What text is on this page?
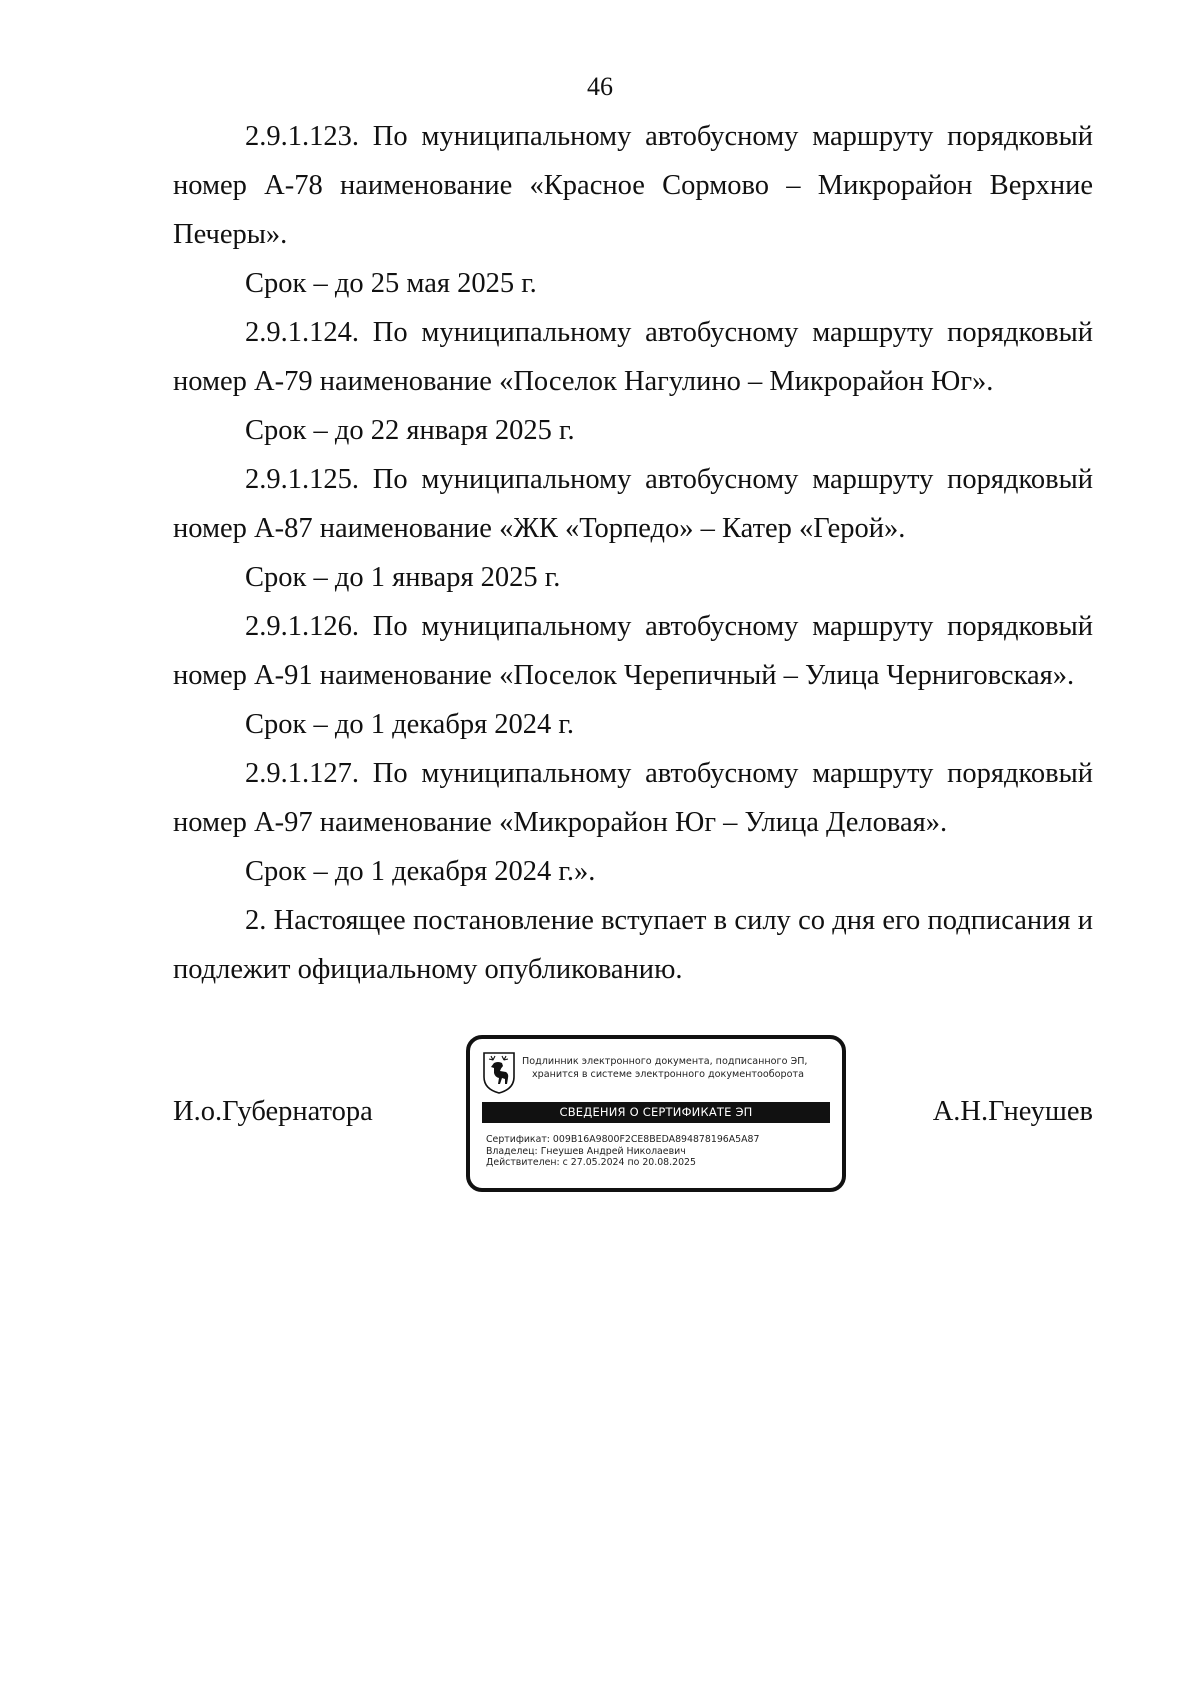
46

2.9.1.123. По муниципальному автобусному маршруту порядковый номер А-78 наименование «Красное Сормово – Микрорайон Верхние Печеры».

Срок – до 25 мая 2025 г.

2.9.1.124. По муниципальному автобусному маршруту порядковый номер А-79 наименование «Поселок Нагулино – Микрорайон Юг».

Срок – до 22 января 2025 г.

2.9.1.125. По муниципальному автобусному маршруту порядковый номер А-87 наименование «ЖК «Торпедо» – Катер «Герой».

Срок – до 1 января 2025 г.

2.9.1.126. По муниципальному автобусному маршруту порядковый номер А-91 наименование «Поселок Черепичный – Улица Черниговская».

Срок – до 1 декабря 2024 г.

2.9.1.127. По муниципальному автобусному маршруту порядковый номер А-97 наименование «Микрорайон Юг – Улица Деловая».

Срок – до 1 декабря 2024 г.».

2. Настоящее постановление вступает в силу со дня его подписания и подлежит официальному опубликованию.

И.о.Губернатора
Подлинник электронного документа, подписанного ЭП,
хранится в системе электронного документооборота
СВЕДЕНИЯ О СЕРТИФИКАТЕ ЭП
Сертификат: 009B16A9800F2CE8BEDA894878196A5A87
Владелец: Гнеушев Андрей Николаевич
Действителен: с 27.05.2024 по 20.08.2025
А.Н.Гнеушев
